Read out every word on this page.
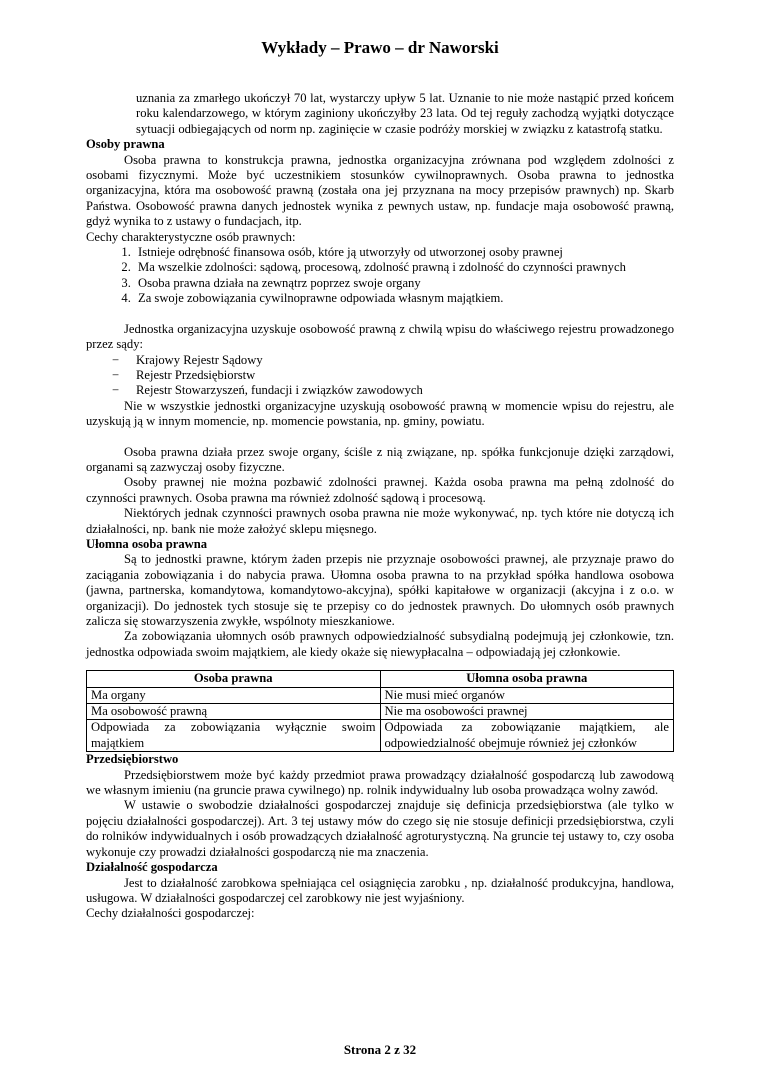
Wykłady – Prawo – dr Naworski

uznania za zmarłego ukończył 70 lat, wystarczy upływ 5 lat. Uznanie to nie może nastąpić przed końcem roku kalendarzowego, w którym zaginiony ukończyłby 23 lata. Od tej reguły zachodzą wyjątki dotyczące sytuacji odbiegających od norm np. zaginięcie w czasie podróży morskiej w związku z katastrofą statku.

Osoby prawna

Osoba prawna to konstrukcja prawna, jednostka organizacyjna zrównana pod względem zdolności z osobami fizycznymi. Może być uczestnikiem stosunków cywilnoprawnych. Osoba prawna to jednostka organizacyjna, która ma osobowość prawną (została ona jej przyznana na mocy przepisów prawnych) np. Skarb Państwa. Osobowość prawna danych jednostek wynika z pewnych ustaw, np. fundacje maja osobowość prawną, gdyż wynika to z ustawy o fundacjach, itp.

Cechy charakterystyczne osób prawnych:

1. Istnieje odrębność finansowa osób, które ją utworzyły od utworzonej osoby prawnej
2. Ma wszelkie zdolności: sądową, procesową, zdolność prawną i zdolność do czynności prawnych
3. Osoba prawna działa na zewnątrz poprzez swoje organy
4. Za swoje zobowiązania cywilnoprawne odpowiada własnym majątkiem.

Jednostka organizacyjna uzyskuje osobowość prawną z chwilą wpisu do właściwego rejestru prowadzonego przez sądy:

− Krajowy Rejestr Sądowy
− Rejestr Przedsiębiorstw
− Rejestr Stowarzyszeń, fundacji i związków zawodowych

Nie w wszystkie jednostki organizacyjne uzyskują osobowość prawną w momencie wpisu do rejestru, ale uzyskują ją w innym momencie, np. momencie powstania, np. gminy, powiatu.

Osoba prawna działa przez swoje organy, ściśle z nią związane, np. spółka funkcjonuje dzięki zarządowi, organami są zazwyczaj osoby fizyczne.

Osoby prawnej nie można pozbawić zdolności prawnej. Każda osoba prawna ma pełną zdolność do czynności prawnych. Osoba prawna ma również zdolność sądową i procesową.

Niektórych jednak czynności prawnych osoba prawna nie może wykonywać, np. tych które nie dotyczą ich działalności, np. bank nie może założyć sklepu mięsnego.

Ułomna osoba prawna

Są to jednostki prawne, którym żaden przepis nie przyznaje osobowości prawnej, ale przyznaje prawo do zaciągania zobowiązania i do nabycia prawa. Ułomna osoba prawna to na przykład spółka handlowa osobowa (jawna, partnerska, komandytowa, komandytowo-akcyjna), spółki kapitałowe w organizacji (akcyjna i z o.o. w organizacji). Do jednostek tych stosuje się te przepisy co do jednostek prawnych. Do ułomnych osób prawnych zalicza się stowarzyszenia zwykłe, wspólnoty mieszkaniowe.

Za zobowiązania ułomnych osób prawnych odpowiedzialność subsydialną podejmują jej członkowie, tzn. jednostka odpowiada swoim majątkiem, ale kiedy okaże się niewypłacalna – odpowiadają jej członkowie.

Osoba prawna	Ułomna osoba prawna
Ma organy	Nie musi mieć organów
Ma osobowość prawną	Nie ma osobowości prawnej
Odpowiada za zobowiązania wyłącznie swoim majątkiem	Odpowiada za zobowiązanie majątkiem, ale odpowiedzialność obejmuje również jej członków
Przedsiębiorstwo

Przedsiębiorstwem może być każdy przedmiot prawa prowadzący działalność gospodarczą lub zawodową we własnym imieniu (na gruncie prawa cywilnego) np. rolnik indywidualny lub osoba prowadząca wolny zawód.

W ustawie o swobodzie działalności gospodarczej znajduje się definicja przedsiębiorstwa (ale tylko w pojęciu działalności gospodarczej). Art. 3 tej ustawy mów do czego się nie stosuje definicji przedsiębiorstwa, czyli do rolników indywidualnych i osób prowadzących działalność agroturystyczną. Na gruncie tej ustawy to, czy osoba wykonuje czy prowadzi działalności gospodarczą nie ma znaczenia.

Działalność gospodarcza

Jest to działalność zarobkowa spełniająca cel osiągnięcia zarobku , np. działalność produkcyjna, handlowa, usługowa. W działalności gospodarczej cel zarobkowy nie jest wyjaśniony.

Cechy działalności gospodarczej:

Strona 2 z 32
